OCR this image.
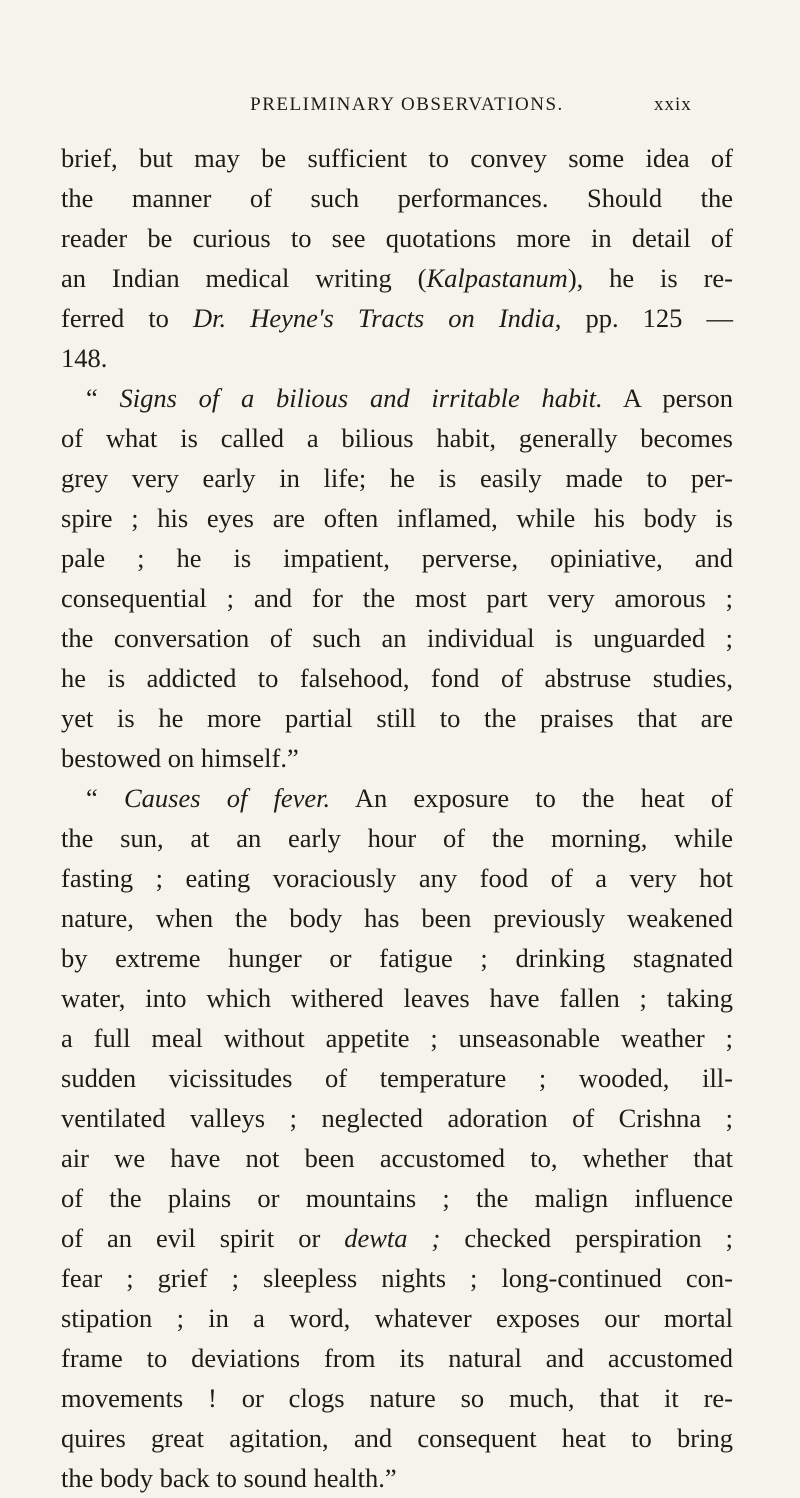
PRELIMINARY OBSERVATIONS.	xxix
brief, but may be sufficient to convey some idea of
the manner of such performances. Should the
reader be curious to see quotations more in detail of
an Indian medical writing (Kalpastanum), he is re-
ferred to Dr. Heyne's Tracts on India, pp. 125 —
148.
“ Signs of a bilious and irritable habit. A person
of what is called a bilious habit, generally becomes
grey very early in life; he is easily made to per-
spire ; his eyes are often inflamed, while his body is
pale ; he is impatient, perverse, opiniative, and
consequential ; and for the most part very amorous ;
the conversation of such an individual is unguarded ;
he is addicted to falsehood, fond of abstruse studies,
yet is he more partial still to the praises that are
bestowed on himself.”
“ Causes of fever. An exposure to the heat of
the sun, at an early hour of the morning, while
fasting ; eating voraciously any food of a very hot
nature, when the body has been previously weakened
by extreme hunger or fatigue ; drinking stagnated
water, into which withered leaves have fallen ; taking
a full meal without appetite ; unseasonable weather ;
sudden vicissitudes of temperature ; wooded, ill-
ventilated valleys ; neglected adoration of Crishna ;
air we have not been accustomed to, whether that
of the plains or mountains ; the malign influence
of an evil spirit or dewta ; checked perspiration ;
fear ; grief ; sleepless nights ; long-continued con-
stipation ; in a word, whatever exposes our mortal
frame to deviations from its natural and accustomed
movements ! or clogs nature so much, that it re-
quires great agitation, and consequent heat to bring
the body back to sound health.”
